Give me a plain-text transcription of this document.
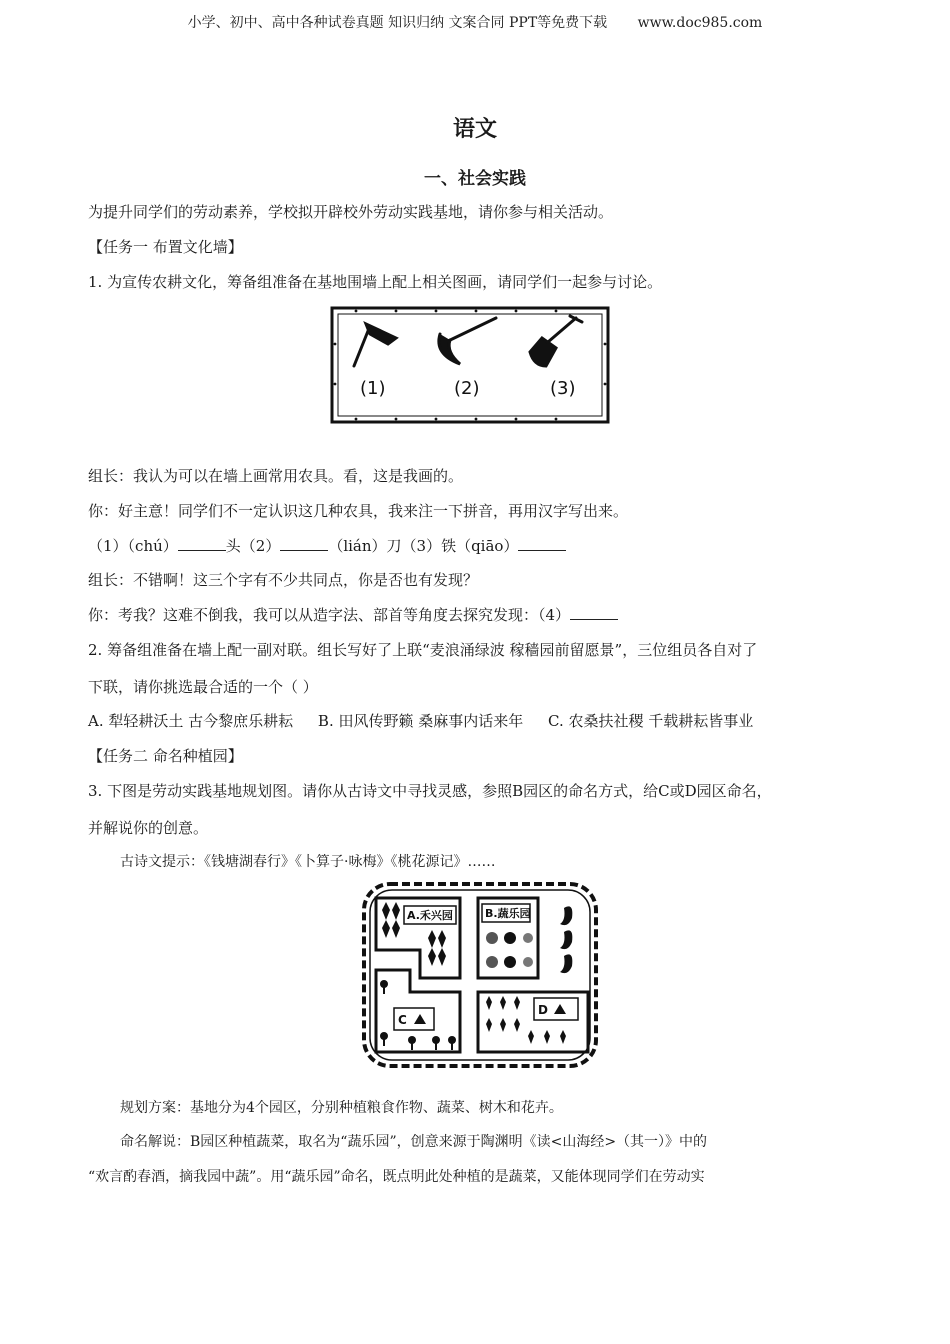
小学、初中、高中各种试卷真题 知识归纳 文案合同 PPT等免费下载 www.doc985.com
语文
一、社会实践
为提升同学们的劳动素养，学校拟开辟校外劳动实践基地，请你参与相关活动。
【任务一 布置文化墙】
1. 为宣传农耕文化，筹备组准备在基地围墙上配上相关图画，请同学们一起参与讨论。
(1)	(2)	(3)
组长：我认为可以在墙上画常用农具。看，这是我画的。
你：好主意！同学们不一定认识这几种农具，我来注一下拼音，再用汉字写出来。
（1）（chú）	头（2）	（lián）刀（3）铁（qiāo）
组长：不错啊！这三个字有不少共同点，你是否也有发现？
你：考我？这难不倒我，我可以从造字法、部首等角度去探究发现：（4）
2. 筹备组准备在墙上配一副对联。组长写好了上联“麦浪涌绿波 稼穑园前留愿景”，三位组员各自对了
下联，请你挑选最合适的一个（ ）
A. 犁轻耕沃土 古今黎庶乐耕耘 B. 田风传野籁 桑麻事内话来年 C. 农桑扶社稷 千载耕耘皆事业
【任务二 命名种植园】
3. 下图是劳动实践基地规划图。请你从古诗文中寻找灵感，参照B园区的命名方式，给C或D园区命名，
并解说你的创意。
古诗文提示：《钱塘湖春行》《卜算子·咏梅》《桃花源记》……
A.禾兴园	B.蔬乐园
C
D
规划方案：基地分为4个园区，分别种植粮食作物、蔬菜、树木和花卉。
命名解说：B园区种植蔬菜，取名为“蔬乐园”，创意来源于陶渊明《读<山海经>（其一）》中的
“欢言酌春酒，摘我园中蔬”。用“蔬乐园”命名，既点明此处种植的是蔬菜，又能体现同学们在劳动实
